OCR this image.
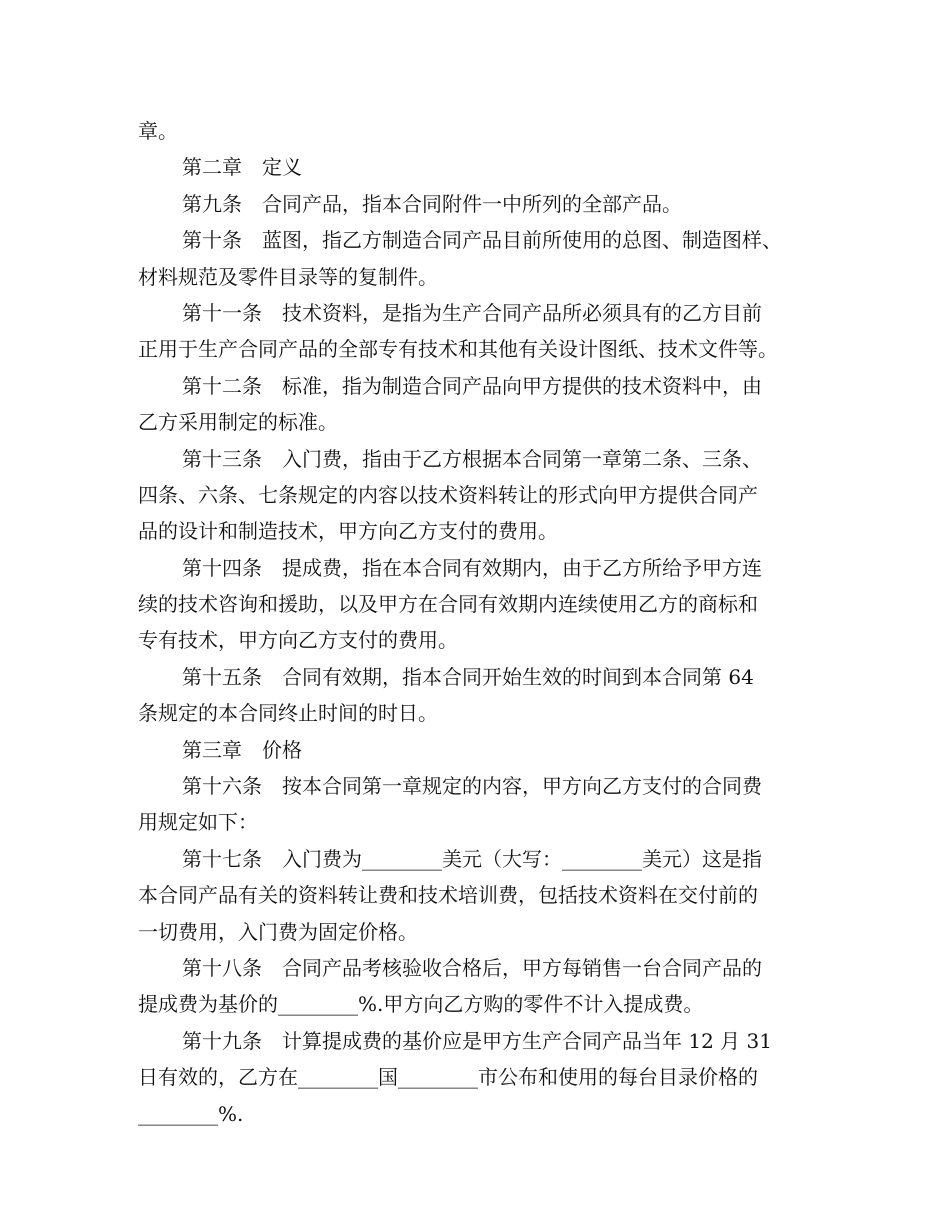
章。
第二章　定义
第九条　合同产品，指本合同附件一中所列的全部产品。
第十条　蓝图，指乙方制造合同产品目前所使用的总图、制造图样、
材料规范及零件目录等的复制件。
第十一条　技术资料，是指为生产合同产品所必须具有的乙方目前
正用于生产合同产品的全部专有技术和其他有关设计图纸、技术文件等。
第十二条　标准，指为制造合同产品向甲方提供的技术资料中，由
乙方采用制定的标准。
第十三条　入门费，指由于乙方根据本合同第一章第二条、三条、
四条、六条、七条规定的内容以技术资料转让的形式向甲方提供合同产
品的设计和制造技术，甲方向乙方支付的费用。
第十四条　提成费，指在本合同有效期内，由于乙方所给予甲方连
续的技术咨询和援助，以及甲方在合同有效期内连续使用乙方的商标和
专有技术，甲方向乙方支付的费用。
第十五条　合同有效期，指本合同开始生效的时间到本合同第 64
条规定的本合同终止时间的时日。
第三章　价格
第十六条　按本合同第一章规定的内容，甲方向乙方支付的合同费
用规定如下：
第十七条　入门费为________美元（大写：________美元）这是指
本合同产品有关的资料转让费和技术培训费，包括技术资料在交付前的
一切费用，入门费为固定价格。
第十八条　合同产品考核验收合格后，甲方每销售一台合同产品的
提成费为基价的________%.甲方向乙方购的零件不计入提成费。
第十九条　计算提成费的基价应是甲方生产合同产品当年 12 月 31
日有效的，乙方在________国________市公布和使用的每台目录价格的
________%.
